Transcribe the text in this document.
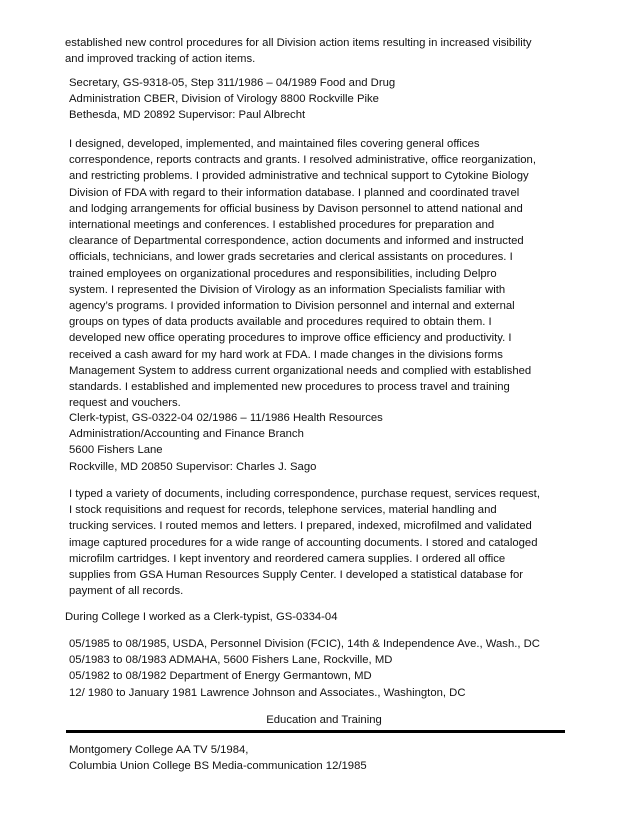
established new control procedures for all Division action items resulting in increased visibility
and improved tracking of action items.
Secretary, GS-9318-05, Step 311/1986 – 04/1989 Food and Drug
Administration CBER, Division of Virology 8800 Rockville Pike
Bethesda, MD 20892 Supervisor: Paul Albrecht
I designed, developed, implemented, and maintained files covering general offices
correspondence, reports contracts and grants. I resolved administrative, office reorganization,
and restricting problems. I provided administrative and technical support to Cytokine Biology
Division of FDA with regard to their information database. I planned and coordinated travel
and lodging arrangements for official business by Davison personnel to attend national and
international meetings and conferences. I established procedures for preparation and
clearance of Departmental correspondence, action documents and informed and instructed
officials, technicians, and lower grads secretaries and clerical assistants on procedures. I
trained employees on organizational procedures and responsibilities, including Delpro
system. I represented the Division of Virology as an information Specialists familiar with
agency’s programs. I provided information to Division personnel and internal and external
groups on types of data products available and procedures required to obtain them. I
developed new office operating procedures to improve office efficiency and productivity. I
received a cash award for my hard work at FDA. I made changes in the divisions forms
Management System to address current organizational needs and complied with established
standards. I established and implemented new procedures to process travel and training
request and vouchers.
Clerk-typist, GS-0322-04 02/1986 – 11/1986 Health Resources
Administration/Accounting and Finance Branch
5600 Fishers Lane
Rockville, MD 20850 Supervisor: Charles J. Sago
I typed a variety of documents, including correspondence, purchase request, services request,
I stock requisitions and request for records, telephone services, material handling and
trucking services. I routed memos and letters. I prepared, indexed, microfilmed and validated
image captured procedures for a wide range of accounting documents. I stored and cataloged
microfilm cartridges. I kept inventory and reordered camera supplies. I ordered all office
supplies from GSA Human Resources Supply Center. I developed a statistical database for
payment of all records.
During College I worked as a Clerk-typist, GS-0334-04
05/1985 to 08/1985, USDA, Personnel Division (FCIC), 14th & Independence Ave., Wash., DC
05/1983 to 08/1983 ADMAHA, 5600 Fishers Lane, Rockville, MD
05/1982 to 08/1982 Department of Energy Germantown, MD
12/ 1980 to January 1981 Lawrence Johnson and Associates., Washington, DC
Education and Training
Montgomery College AA TV 5/1984,
Columbia Union College BS Media-communication 12/1985
